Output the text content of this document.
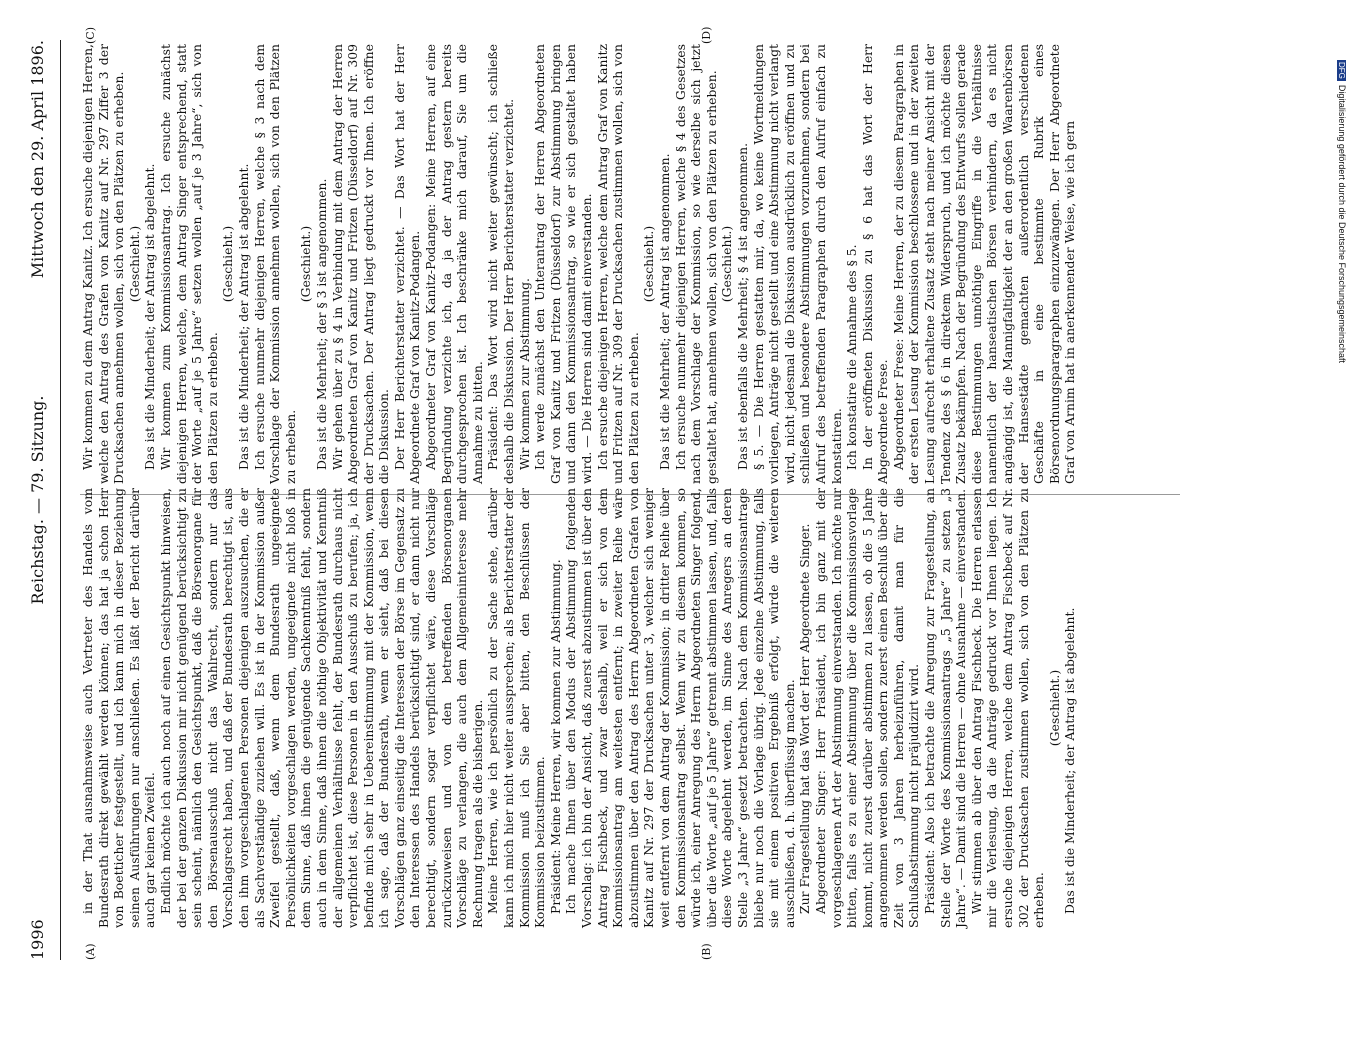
1996
Reichstag. — 79. Sitzung.
Mittwoch den 29. April 1896.
(A)	(B)
(C)	(D)

in der That ausnahmsweise auch Vertreter des Handels vom Bundesrath direkt gewählt werden können; das hat ja schon Herr von Boetticher festgestellt, und ich kann mich in dieser Beziehung seinen Ausführungen nur anschließen. Es läßt der Bericht darüber auch gar keinen Zweifel. Endlich möchte ich auch noch auf einen Gesichtspunkt hinweisen, der bei der ganzen Diskussion mir nicht genügend berücksichtigt zu sein scheint, nämlich den Gesichtspunkt, daß die Börsenorgane für den Börsenausschuß nicht das Wahlrecht, sondern nur das Vorschlagsrecht haben, und daß der Bundesrath berechtigt ist, aus den ihm vorgeschlagenen Personen diejenigen auszusuchen, die er als Sachverständige zuziehen will. Es ist in der Kommission außer Zweifel gestellt, daß, wenn dem Bundesrath ungeeignete Persönlichkeiten vorgeschlagen werden, ungeeignete nicht bloß in dem Sinne, daß ihnen die genügende Sachkenntniß fehlt, sondern auch in dem Sinne, daß ihnen die nöthige Objektivität und Kenntniß der allgemeinen Verhältnisse fehlt, der Bundesrath durchaus nicht verpflichtet ist, diese Personen in den Ausschuß zu berufen; ja, ich befinde mich sehr in Uebereinstimmung mit der Kommission, wenn ich sage, daß der Bundesrath, wenn er sieht, daß bei diesen Vorschlägen ganz einseitig die Interessen der Börse im Gegensatz zu den Interessen des Handels berücksichtigt sind, er dann nicht nur berechtigt, sondern sogar verpflichtet wäre, diese Vorschläge zurückzuweisen und von den betreffenden Börsenorganen Vorschläge zu verlangen, die auch dem Allgemeininteresse mehr Rechnung tragen als die bisherigen. Meine Herren, wie ich persönlich zu der Sache stehe, darüber kann ich mich hier nicht weiter aussprechen; als Berichterstatter der Kommission muß ich Sie aber bitten, den Beschlüssen der Kommission beizustimmen. Präsident: Meine Herren, wir kommen zur Abstimmung. Ich mache Ihnen über den Modus der Abstimmung folgenden Vorschlag: ich bin der Ansicht, daß zuerst abzustimmen ist über den Antrag Fischbeck, und zwar deshalb, weil er sich von dem Kommissionsantrag am weitesten entfernt; in zweiter Reihe wäre abzustimmen über den Antrag des Herrn Abgeordneten Grafen von Kanitz auf Nr. 297 der Drucksachen unter 3, welcher sich weniger weit entfernt von dem Antrag der Kommission; in dritter Reihe über den Kommissionsantrag selbst. Wenn wir zu diesem kommen, so würde ich, einer Anregung des Herrn Abgeordneten Singer folgend, über die Worte „auf je 5 Jahre“ getrennt abstimmen lassen, und, falls diese Worte abgelehnt werden, im Sinne des Anregers an deren Stelle „3 Jahre“ gesetzt betrachten. Nach dem Kommissionsantrage bliebe nur noch die Vorlage übrig. Jede einzelne Abstimmung, falls sie mit einem positiven Ergebniß erfolgt, würde die weiteren ausschließen, d. h. überflüssig machen. Zur Fragestellung hat das Wort der Herr Abgeordnete Singer. Abgeordneter Singer: Herr Präsident, ich bin ganz mit der vorgeschlagenen Art der Abstimmung einverstanden. Ich möchte nur bitten, falls es zu einer Abstimmung über die Kommissionsvorlage kommt, nicht zuerst darüber abstimmen zu lassen, ob die 5 Jahre angenommen werden sollen, sondern zuerst einen Beschluß über die Zeit von 3 Jahren herbeizuführen, damit man für die Schlußabstimmung nicht präjudizirt wird. Präsident: Also ich betrachte die Anregung zur Fragestellung, an Stelle der Worte des Kommissionsantrags „5 Jahre“ zu setzen „3 Jahre“. — Damit sind die Herren — ohne Ausnahme — einverstanden. Wir stimmen ab über den Antrag Fischbeck. Die Herren erlassen mir die Verlesung, da die Anträge gedruckt vor Ihnen liegen. Ich ersuche diejenigen Herren, welche dem Antrag Fischbeck auf Nr. 302 der Drucksachen zustimmen wollen, sich von den Plätzen zu erheben.

(Geschieht.) Das ist die Minderheit; der Antrag ist abgelehnt.

Wir kommen zu dem Antrag Kanitz. Ich ersuche diejenigen Herren, welche den Antrag des Grafen von Kanitz auf Nr. 297 Ziffer 3 der Drucksachen annehmen wollen, sich von den Plätzen zu erheben. (Geschieht.) Das ist die Minderheit; der Antrag ist abgelehnt. Wir kommen zum Kommissionsantrag. Ich ersuche zunächst diejenigen Herren, welche, dem Antrag Singer entsprechend, statt der Worte „auf je 5 Jahre“ setzen wollen „auf je 3 Jahre“, sich von den Plätzen zu erheben.

(Geschieht.) Das ist die Minderheit; der Antrag ist abgelehnt. Ich ersuche nunmehr diejenigen Herren, welche § 3 nach dem Vorschlage der Kommission annehmen wollen, sich von den Plätzen zu erheben.

(Geschieht.) Das ist die Mehrheit; der § 3 ist angenommen. Wir gehen über zu § 4 in Verbindung mit dem Antrag der Herren Abgeordneten Graf von Kanitz und Fritzen (Düsseldorf) auf Nr. 309 der Drucksachen. Der Antrag liegt gedruckt vor Ihnen. Ich eröffne die Diskussion. Der Herr Berichterstatter verzichtet. — Das Wort hat der Herr Abgeordnete Graf von Kanitz-Podangen. Abgeordneter Graf von Kanitz-Podangen: Meine Herren, auf eine Begründung verzichte ich, da ja der Antrag gestern bereits durchgesprochen ist. Ich beschränke mich darauf, Sie um die Annahme zu bitten. Präsident: Das Wort wird nicht weiter gewünscht; ich schließe deshalb die Diskussion. Der Herr Berichterstatter verzichtet. Wir kommen zur Abstimmung. Ich werde zunächst den Unterantrag der Herren Abgeordneten Graf von Kanitz und Fritzen (Düsseldorf) zur Abstimmung bringen und dann den Kommissionsantrag, so wie er sich gestaltet haben wird. — Die Herren sind damit einverstanden. Ich ersuche diejenigen Herren, welche dem Antrag Graf von Kanitz und Fritzen auf Nr. 309 der Drucksachen zustimmen wollen, sich von den Plätzen zu erheben.

(Geschieht.) Das ist die Mehrheit; der Antrag ist angenommen. Ich ersuche nunmehr diejenigen Herren, welche § 4 des Gesetzes nach dem Vorschlage der Kommission, so wie derselbe sich jetzt gestaltet hat, annehmen wollen, sich von den Plätzen zu erheben. (Geschieht.) Das ist ebenfalls die Mehrheit; § 4 ist angenommen. § 5. — Die Herren gestatten mir, da, wo keine Wortmeldungen vorliegen, Anträge nicht gestellt und eine Abstimmung nicht verlangt wird, nicht jedesmal die Diskussion ausdrücklich zu eröffnen und zu schließen und besondere Abstimmungen vorzunehmen, sondern bei Aufruf des betreffenden Paragraphen durch den Aufruf einfach zu konstatiren. Ich konstatire die Annahme des § 5. In der eröffneten Diskussion zu § 6 hat das Wort der Herr Abgeordnete Frese. Abgeordneter Frese: Meine Herren, der zu diesem Paragraphen in der ersten Lesung der Kommission beschlossene und in der zweiten Lesung aufrecht erhaltene Zusatz steht nach meiner Ansicht mit der Tendenz des § 6 in direktem Widerspruch, und ich möchte diesen Zusatz bekämpfen. Nach der Begründung des Entwurfs sollen gerade diese Bestimmungen unnöthige Eingriffe in die Verhältnisse namentlich der hanseatischen Börsen verhindern, da es nicht angängig ist, die Mannigfaltigkeit der an den großen Waarenbörsen der Hansestädte gemachten außerordentlich verschiedenen Geschäfte in eine bestimmte Rubrik eines Börsenordnungsparagraphen einzuzwängen. Der Herr Abgeordnete Graf von Arnim hat in anerkennender Weise, wie ich gern

DFGDigitalisierung gefördert durch die Deutsche Forschungsgemeinschaft
